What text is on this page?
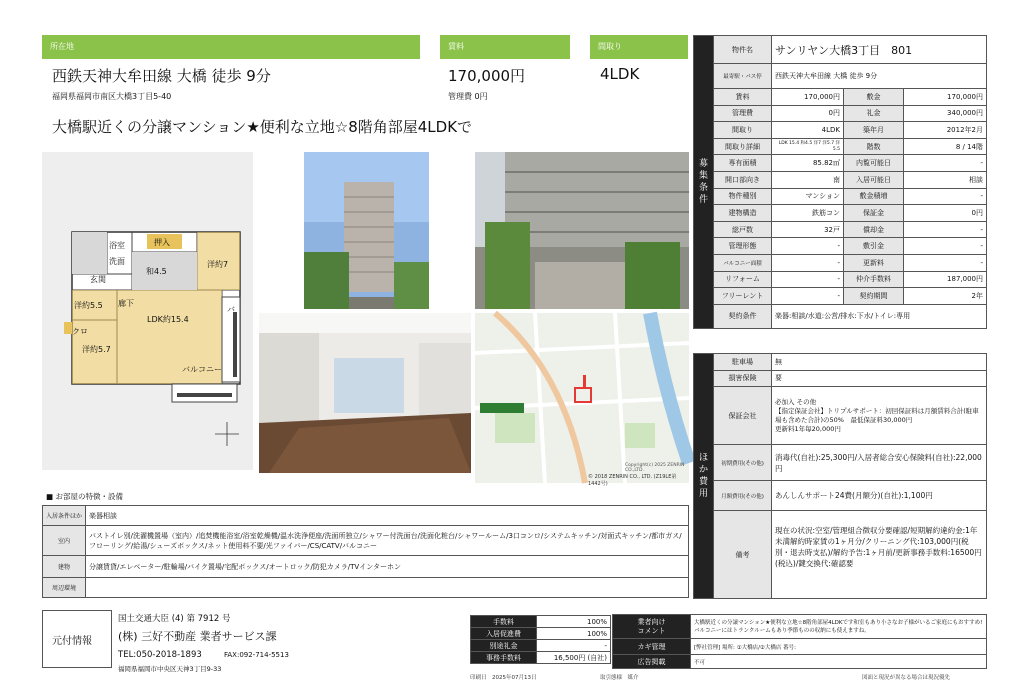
所在地	賃料	間取り
西鉄天神大牟田線 大橋 徒歩 9分
福岡県福岡市南区大橋3丁目5-40
170,000円
管理費 0円
4LDK
大橋駅近くの分譲マンション★便利な立地☆8階角部屋4LDKで
浴室
洗面
押入
和4.5
洋約7
玄関
洋約5.5 廊下
LDK約15.4
洋約5.7
クロ
バ
バルコニー
Copyright(c) 2025 ZENRIN CO.,LTD.
© 2018 ZENRIN CO., LTD. (Z19LE第1442号)
募
集
条
件	物件名	サンリヤン大橋3丁目　801		
	最寄駅・バス停	西鉄天神大牟田線 大橋 徒歩 9分		
	賃料	170,000円	敷金	170,000円
	管理費	0円	礼金	340,000円
	間取り	4LDK	築年月	2012年2月
	間取り詳細	LDK 15.4 和4.5 洋7 洋5.7 洋5.5	階数	8 / 14階
	専有面積	85.82㎡	内覧可能日	-
	開口部向き	南	入居可能日	相談
	物件種別	マンション	敷金積増	-
	建物構造	鉄筋コン	保証金	0円
	総戸数	32戸	償却金	-
	管理形態	-	敷引金	-
	バルコニー面積	-	更新料	-
	リフォーム	-	仲介手数料	187,000円
	フリーレント	-	契約期間	2年
	契約条件	楽器:相談/水道:公営/排水:下水/トイレ:専用		
ほ
か
費
用	駐車場	無
	損害保険	要
	保証会社	必加入 その他
【指定保証会社】トリプルサポート：初回保証料は月額賃料合計(駐車場も含めた合計)の50%　最低保証料30,000円
更新料1年毎20,000円
	初期費用(その他)	消毒代(自社):25,300円/入居者総合安心保険料(自社):22,000円
	月額費用(その他)	あんしんサポート24費(月額分)(自社):1,100円
	備考	現在の状況:空室/管理組合徴収分要確認/短期解約違約金:1年未満解約時家賃の1ヶ月分/クリーニング代:103,000円(税別・退去時支払)/解約予告:1ヶ月前/更新事務手数料:16500円(税込)/鍵交換代:確認要
■ お部屋の特徴・設備
入居条件ほか	楽器相談
室内	バストイレ別/洗濯機置場（室内）/追焚機能浴室/浴室乾燥機/温水洗浄便座/洗面所独立/シャワー付洗面台/洗面化粧台/シャワールーム/3口コンロ/システムキッチン/対面式キッチン/都市ガス/フローリング/給湯/シューズボックス/ネット使用料不要/光ファイバー/CS/CATV/バルコニー
建物	分譲賃貸/エレベーター/駐輪場/バイク置場/宅配ボックス/オートロック/防犯カメラ/TVインターホン
周辺環境	
元付情報
国土交通大臣 (4) 第 7912 号
(株) 三好不動産 業者サービス課
TEL:050-2018-1893	FAX:092-714-5513
福岡県福岡市中央区天神3丁目9-33
手数料	100%
入居促進費	100%
別途礼金	-
事務手数料	16,500円 (自社)
業者向け
コメント	大橋駅近くの分譲マンション★便利な立地☆8階角部屋4LDKです和室もあり小さなお子様がいるご家庭にもおすすめ!バルコニーにはトランクルームもあり季節ものの収納にも使えますね。
カギ管理	[弊社管理] 場所: ①大橋店/②大橋店 番号:
広告掲載	不可
印刷日　2025年07月13日	取引態様　媒介	図面と現況が異なる場合は現況優先
